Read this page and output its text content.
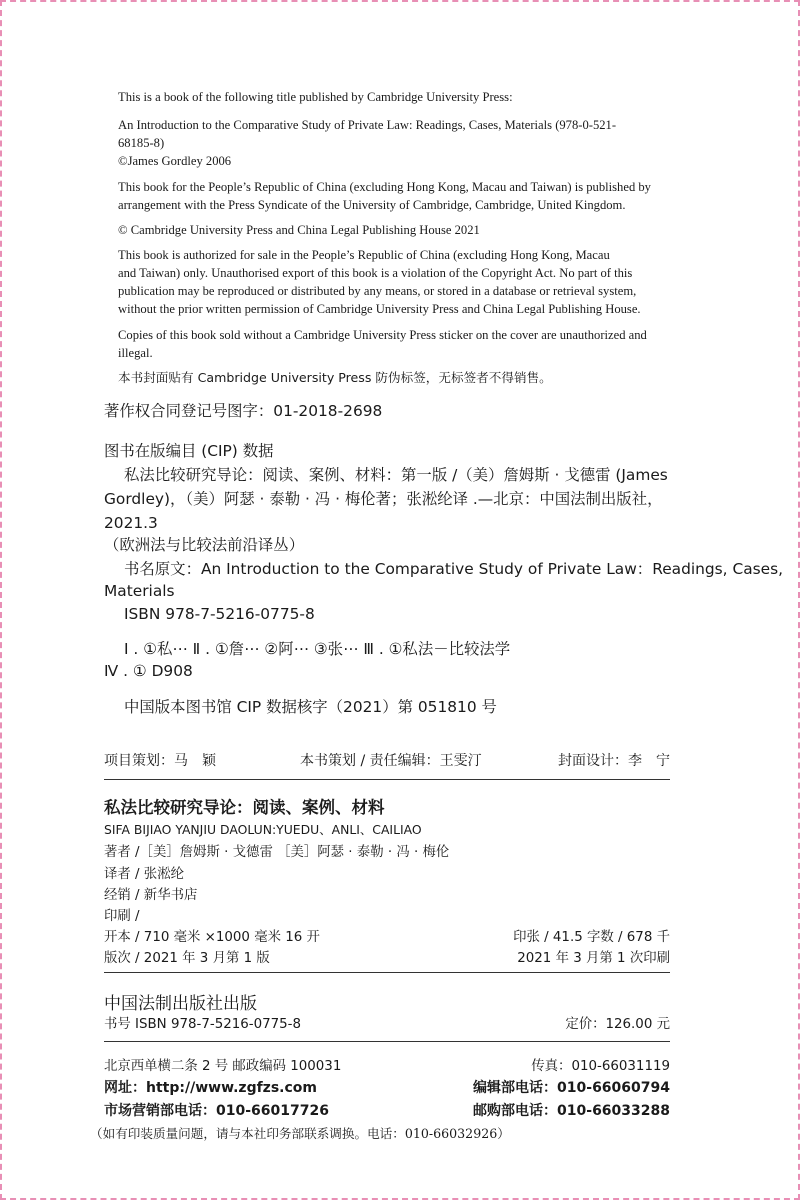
This is a book of the following title published by Cambridge University Press:
An Introduction to the Comparative Study of Private Law: Readings, Cases, Materials (978-0-521-
68185-8)
©James Gordley 2006
This book for the People’s Republic of China (excluding Hong Kong, Macau and Taiwan) is published by
arrangement with the Press Syndicate of the University of Cambridge, Cambridge, United Kingdom.
© Cambridge University Press and China Legal Publishing House 2021
This book is authorized for sale in the People’s Republic of China (excluding Hong Kong, Macau
and Taiwan) only. Unauthorised export of this book is a violation of the Copyright Act. No part of this
publication may be reproduced or distributed by any means, or stored in a database or retrieval system,
without the prior written permission of Cambridge University Press and China Legal Publishing House.
Copies of this book sold without a Cambridge University Press sticker on the cover are unauthorized and
illegal.
本书封面贴有 Cambridge University Press 防伪标签，无标签者不得销售。
著作权合同登记号图字：01-2018-2698
图书在版编目 (CIP) 数据
私法比较研究导论：阅读、案例、材料：第一版 /（美）詹姆斯 · 戈德雷 (James
Gordley)，（美）阿瑟 · 泰勒 · 冯 · 梅伦著；张淞纶译 .—北京：中国法制出版社，
2021.3
（欧洲法与比较法前沿译丛）
书名原文：An Introduction to the Comparative Study of Private Law：Readings, Cases,
Materials
ISBN 978-7-5216-0775-8
Ⅰ . ①私⋯ Ⅱ . ①詹⋯ ②阿⋯ ③张⋯ Ⅲ . ①私法－比较法学
Ⅳ . ① D908
中国版本图书馆 CIP 数据核字（2021）第 051810 号
项目策划：马　颖	本书策划 / 责任编辑：王雯汀	封面设计：李　宁
私法比较研究导论：阅读、案例、材料
SIFA BIJIAO YANJIU DAOLUN:YUEDU、ANLI、CAILIAO
著者 /［美］詹姆斯 · 戈德雷 ［美］阿瑟 · 泰勒 · 冯 · 梅伦
译者 / 张淞纶
经销 / 新华书店
印刷 /
开本 / 710 毫米 ×1000 毫米 16 开	印张 / 41.5 字数 / 678 千
版次 / 2021 年 3 月第 1 版	2021 年 3 月第 1 次印刷
中国法制出版社出版
书号 ISBN 978-7-5216-0775-8	定价：126.00 元
北京西单横二条 2 号 邮政编码 100031	传真：010-66031119
网址：http://www.zgfzs.com	编辑部电话：010-66060794
市场营销部电话：010-66017726	邮购部电话：010-66033288
（如有印装质量问题，请与本社印务部联系调换。电话：010-66032926）
